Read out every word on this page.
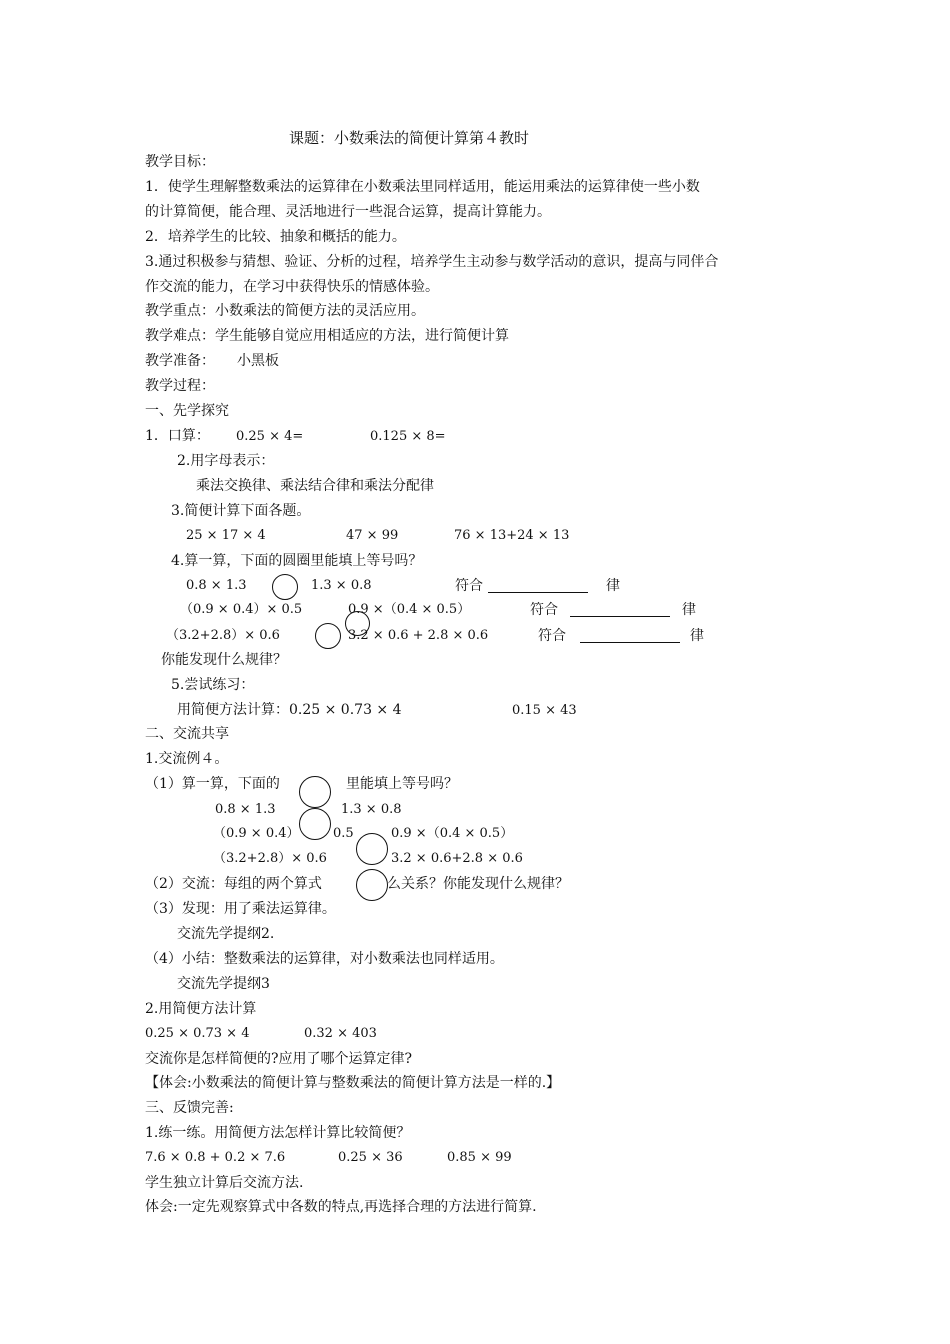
课题：小数乘法的简便计算第４教时
教学目标：
1．使学生理解整数乘法的运算律在小数乘法里同样适用，能运用乘法的运算律使一些小数
的计算简便，能合理、灵活地进行一些混合运算，提高计算能力。
2．培养学生的比较、抽象和概括的能力。
3.通过积极参与猜想、验证、分析的过程，培养学生主动参与数学活动的意识，提高与同伴合
作交流的能力，在学习中获得快乐的情感体验。
教学重点：小数乘法的简便方法的灵活应用。
教学难点：学生能够自觉应用相适应的方法，进行简便计算
教学准备： 小黑板
教学过程：
一、先学探究
1．口算： 0.25 × 4=	0.125 × 8=
2.用字母表示：
乘法交换律、乘法结合律和乘法分配律
3.简便计算下面各题。
25 × 17 × 4	47 × 99	76 × 13+24 × 13
4.算一算，下面的圆圈里能填上等号吗？
0.8 × 1.3	1.3 × 0.8	符合	律
（0.9 × 0.4）× 0.5	0.9 ×（0.4 × 0.5）	符合	律
（3.2+2.8）× 0.6	3.2 × 0.6 + 2.8 × 0.6	符合	律
你能发现什么规律？
5.尝试练习：
用简便方法计算：0.25 × 0.73 × 4	0.15 × 43
二、交流共享
1.交流例４。
（1）算一算，下面的	里能填上等号吗？
0.8 × 1.3	1.3 × 0.8
（0.9 × 0.4）	0.5	0.9 ×（0.4 × 0.5）
（3.2+2.8）× 0.6	3.2 × 0.6+2.8 × 0.6
（2）交流：每组的两个算式	么关系？你能发现什么规律？
（3）发现：用了乘法运算律。
交流先学提纲2.
（4）小结：整数乘法的运算律，对小数乘法也同样适用。
交流先学提纲3
2.用简便方法计算
0.25 × 0.73 × 4	0.32 × 403
交流你是怎样简便的?应用了哪个运算定律?
【体会:小数乘法的简便计算与整数乘法的简便计算方法是一样的.】
三、反馈完善:
1.练一练。用简便方法怎样计算比较简便？
7.6 × 0.8 + 0.2 × 7.6	0.25 × 36	0.85 × 99
学生独立计算后交流方法.
体会:一定先观察算式中各数的特点,再选择合理的方法进行简算.
